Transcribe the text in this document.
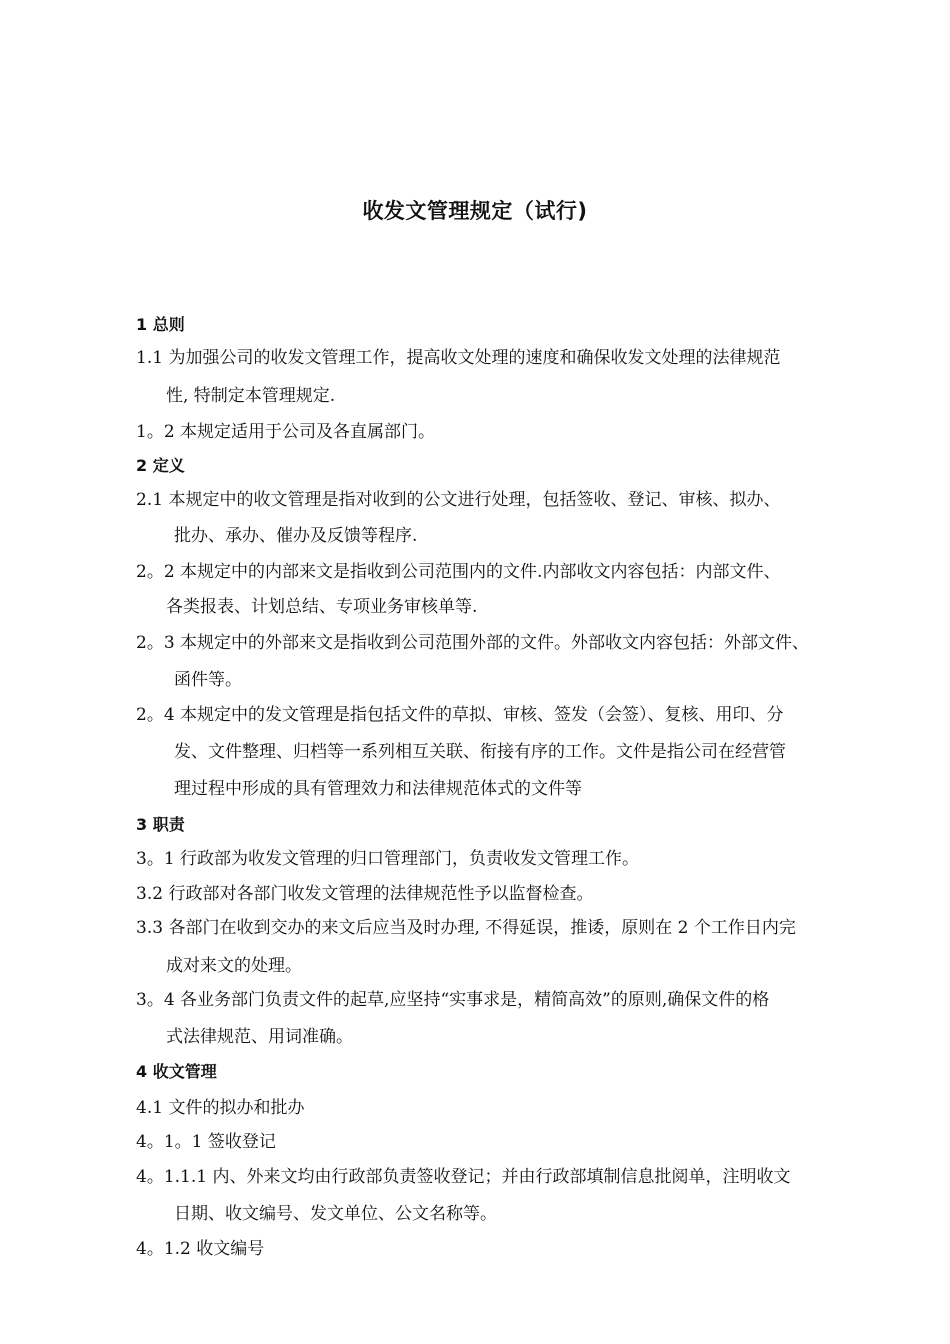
收发文管理规定（试行)
1 总则
1.1 为加强公司的收发文管理工作，提高收文处理的速度和确保收发文处理的法律规范
性, 特制定本管理规定.
1。2 本规定适用于公司及各直属部门。
2 定义
2.1 本规定中的收文管理是指对收到的公文进行处理，包括签收、登记、审核、拟办、
批办、承办、催办及反馈等程序.
2。2 本规定中的内部来文是指收到公司范围内的文件.内部收文内容包括：内部文件、
各类报表、计划总结、专项业务审核单等.
2。3 本规定中的外部来文是指收到公司范围外部的文件。外部收文内容包括：外部文件、
函件等。
2。4 本规定中的发文管理是指包括文件的草拟、审核、签发（会签）、复核、用印、分
发、文件整理、归档等一系列相互关联、衔接有序的工作。文件是指公司在经营管
理过程中形成的具有管理效力和法律规范体式的文件等
3 职责
3。1 行政部为收发文管理的归口管理部门，负责收发文管理工作。
3.2 行政部对各部门收发文管理的法律规范性予以监督检查。
3.3 各部门在收到交办的来文后应当及时办理, 不得延误，推诿，原则在 2 个工作日内完
成对来文的处理。
3。4 各业务部门负责文件的起草,应坚持“实事求是，精简高效”的原则,确保文件的格
式法律规范、用词准确。
4 收文管理
4.1 文件的拟办和批办
4。1。1 签收登记
4。1.1.1 内、外来文均由行政部负责签收登记；并由行政部填制信息批阅单，注明收文
日期、收文编号、发文单位、公文名称等。
4。1.2 收文编号
